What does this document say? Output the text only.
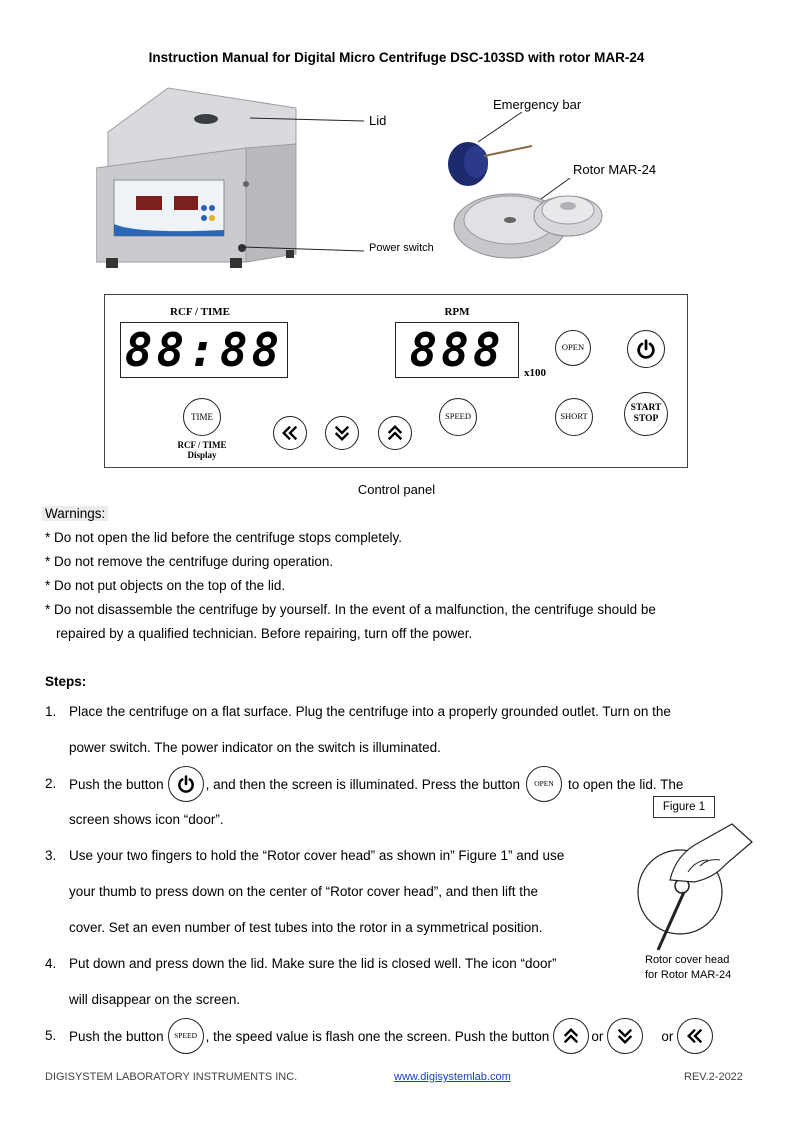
Instruction Manual for Digital Micro Centrifuge DSC-103SD with rotor MAR-24
Lid
Power switch
Emergency bar
Rotor MAR-24
RCF / TIME
88:88
RPM
888 x100
OPEN
TIME
RCF / TIME
Display
SPEED	SHORT
START
STOP
Control panel
Warnings:
* Do not open the lid before the centrifuge stops completely.
* Do not remove the centrifuge during operation.
* Do not put objects on the top of the lid.
* Do not disassemble the centrifuge by yourself. In the event of a malfunction, the centrifuge should be
repaired by a qualified technician. Before repairing, turn off the power.
Steps:
1. Place the centrifuge on a flat surface. Plug the centrifuge into a properly grounded outlet. Turn on the
power switch. The power indicator on the switch is illuminated.
2. Push the button	, and then the screen is illuminated. Press the button OPEN to open the lid. The
screen shows icon “door”.
3. Use your two fingers to hold the “Rotor cover head” as shown in” Figure 1” and use
your thumb to press down on the center of “Rotor cover head”, and then lift the
cover. Set an even number of test tubes into the rotor in a symmetrical position.
4. Put down and press down the lid. Make sure the lid is closed well. The icon “door”
will disappear on the screen.
5. Push the button SPEED , the speed value is flash one the screen. Push the button	or	or
Figure 1
Rotor cover head
for Rotor MAR-24
DIGISYSTEM LABORATORY INSTRUMENTS INC.	www.digisystemlab.com	REV.2-2022
